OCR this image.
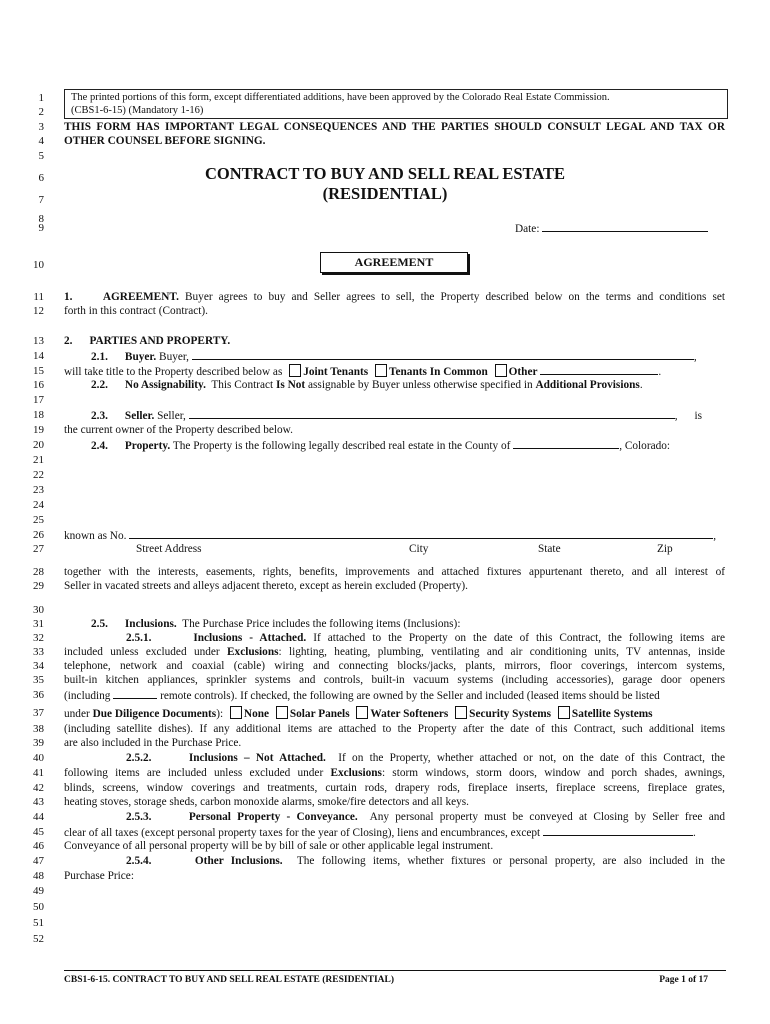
1
2
3
4
5
6
7
8
9
10
11
12
13
14
15
16
17
18
19
20
21
22
23
24
25
26
27
28
29
30
31
32
33
34
35
36
37
38
39
40
41
42
43
44
45
46
47
48
49
50
51
52
The printed portions of this form, except differentiated additions, have been approved by the Colorado Real Estate Commission.
(CBS1-6-15) (Mandatory 1-16)
THIS FORM HAS IMPORTANT LEGAL CONSEQUENCES AND THE PARTIES SHOULD CONSULT LEGAL AND TAX OR
OTHER COUNSEL BEFORE SIGNING.
CONTRACT TO BUY AND SELL REAL ESTATE
(RESIDENTIAL)
Date:
AGREEMENT
1.	AGREEMENT. Buyer agrees to buy and Seller agrees to sell, the Property described below on the terms and conditions set
forth in this contract (Contract).
2. PARTIES AND PROPERTY.
2.1. Buyer. Buyer,	,
will take title to the Property described below as Joint Tenants Tenants In Common Other	.
2.2. No Assignability. This Contract Is Not assignable by Buyer unless otherwise specified in Additional Provisions.
2.3. Seller. Seller,	,      is
the current owner of the Property described below.
2.4. Property. The Property is the following legally described real estate in the County of	, Colorado:
known as No.	,
Street Address	City	State	Zip
together with the interests, easements, rights, benefits, improvements and attached fixtures appurtenant thereto, and all interest of
Seller in vacated streets and alleys adjacent thereto, except as herein excluded (Property).
2.5. Inclusions. The Purchase Price includes the following items (Inclusions):
2.5.1.	Inclusions - Attached. If attached to the Property on the date of this Contract, the following items are
included unless excluded under Exclusions: lighting, heating, plumbing, ventilating and air conditioning units, TV antennas, inside
telephone, network and coaxial (cable) wiring and connecting blocks/jacks, plants, mirrors, floor coverings, intercom systems,
built-in kitchen appliances, sprinkler systems and controls, built-in vacuum systems (including accessories), garage door openers
(including	remote controls). If checked, the following are owned by the Seller and included (leased items should be listed
under Due Diligence Documents): None Solar Panels Water Softeners Security Systems Satellite Systems
(including satellite dishes). If any additional items are attached to the Property after the date of this Contract, such additional items
are also included in the Purchase Price.
2.5.2.	Inclusions – Not Attached. If on the Property, whether attached or not, on the date of this Contract, the
following items are included unless excluded under Exclusions: storm windows, storm doors, window and porch shades, awnings,
blinds, screens, window coverings and treatments, curtain rods, drapery rods, fireplace inserts, fireplace screens, fireplace grates,
heating stoves, storage sheds, carbon monoxide alarms, smoke/fire detectors and all keys.
2.5.3.	Personal Property - Conveyance. Any personal property must be conveyed at Closing by Seller free and
clear of all taxes (except personal property taxes for the year of Closing), liens and encumbrances, except	.
Conveyance of all personal property will be by bill of sale or other applicable legal instrument.
2.5.4.	Other Inclusions. The following items, whether fixtures or personal property, are also included in the
Purchase Price:
CBS1-6-15. CONTRACT TO BUY AND SELL REAL ESTATE (RESIDENTIAL)	Page 1 of 17
